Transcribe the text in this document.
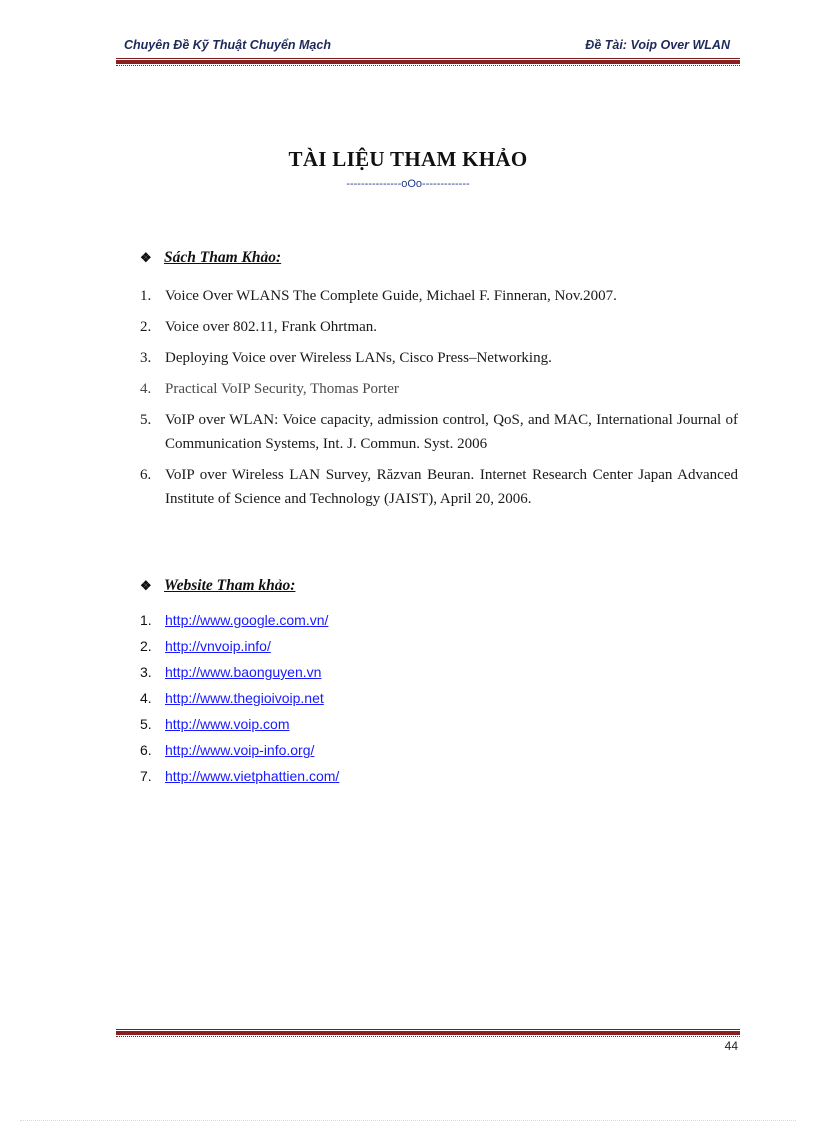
Chuyên Đề Kỹ Thuật Chuyển Mạch	Đề Tài: Voip Over WLAN
TÀI LIỆU THAM KHẢO
---------------oOo-------------
❖ Sách Tham Khảo:
1. Voice Over WLANS The Complete Guide, Michael F. Finneran, Nov.2007.
2. Voice over 802.11, Frank Ohrtman.
3. Deploying Voice over Wireless LANs, Cisco Press–Networking.
4. Practical VoIP Security, Thomas Porter
5. VoIP over WLAN: Voice capacity, admission control, QoS, and MAC, International Journal of Communication Systems, Int. J. Commun. Syst. 2006
6. VoIP over Wireless LAN Survey, Răzvan Beuran. Internet Research Center Japan Advanced Institute of Science and Technology (JAIST), April 20, 2006.
❖ Website Tham khảo:
1. http://www.google.com.vn/
2. http://vnvoip.info/
3. http://www.baonguyen.vn
4. http://www.thegioivoip.net
5. http://www.voip.com
6. http://www.voip-info.org/
7. http://www.vietphattien.com/
44
